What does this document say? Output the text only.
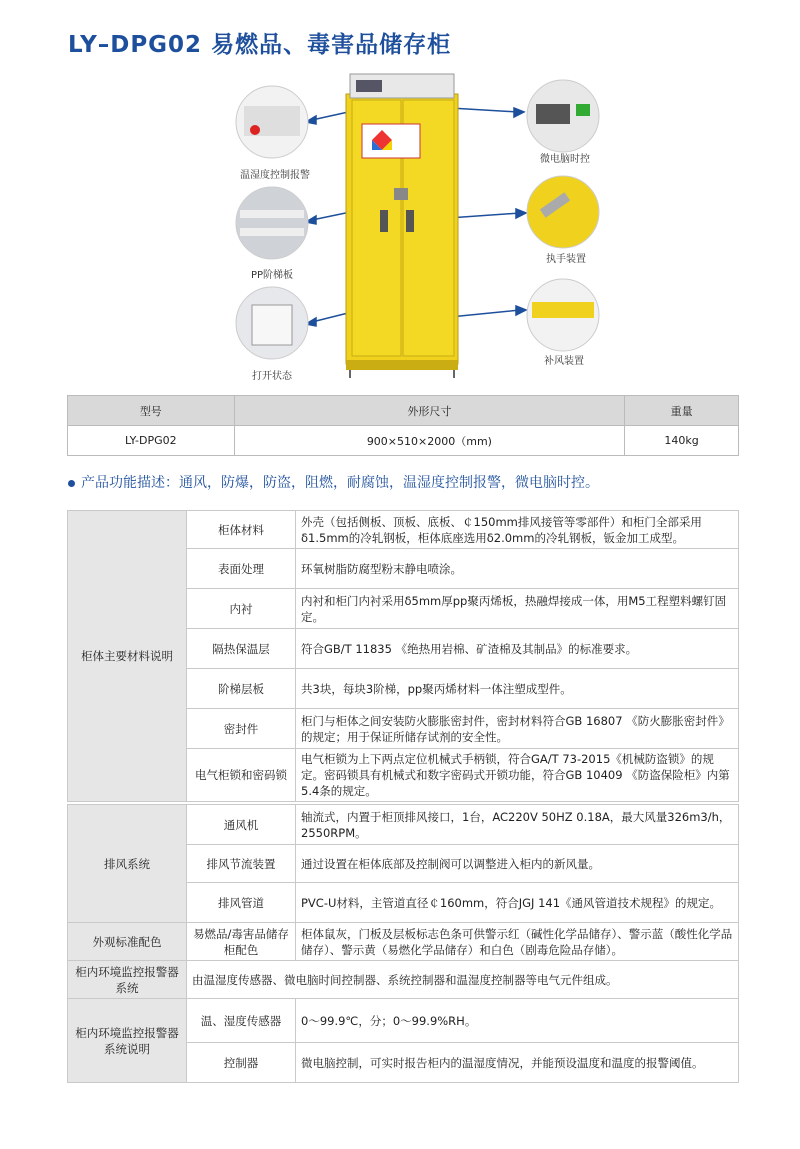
LY–DPG02 易燃品、毒害品储存柜
温湿度控制报警
微电脑时控
PP阶梯板
执手装置
打开状态
补风装置
型号	外形尺寸	重量
LY-DPG02	900×510×2000（mm)	140kg
产品功能描述：通风，防爆，防盗，阻燃，耐腐蚀，温湿度控制报警，微电脑时控。
柜体主要材料说明	柜体材料	外壳（包括侧板、顶板、底板、￠150mm排风接管等零部件）和柜门全部采用δ1.5mm的冷轧钢板，柜体底座选用δ2.0mm的冷轧钢板，钣金加工成型。
	表面处理	环氧树脂防腐型粉末静电喷涂。
	内衬	内衬和柜门内衬采用δ5mm厚pp聚丙烯板，热融焊接成一体，用M5工程塑料螺钉固定。
	隔热保温层	符合GB/T 11835 《绝热用岩棉、矿渣棉及其制品》的标准要求。
	阶梯层板	共3块，每块3阶梯，pp聚丙烯材料一体注塑成型件。
	密封件	柜门与柜体之间安装防火膨胀密封件，密封材料符合GB 16807 《防火膨胀密封件》的规定；用于保证所储存试剂的安全性。
	电气柜锁和密码锁	电气柜锁为上下两点定位机械式手柄锁，符合GA/T 73-2015《机械防盗锁》的规定。密码锁具有机械式和数字密码式开锁功能，符合GB 10409 《防盗保险柜》内第5.4条的规定。
排风系统	通风机	轴流式，内置于柜顶排风接口，1台，AC220V 50HZ 0.18A，最大风量326m3/h，2550RPM。
	排风节流装置	通过设置在柜体底部及控制阀可以调整进入柜内的新风量。
	排风管道	PVC-U材料，主管道直径￠160mm，符合JGJ 141《通风管道技术规程》的规定。
外观标准配色	易燃品/毒害品储存柜配色	柜体鼠灰，门板及层板标志色条可供警示红（碱性化学品储存）、警示蓝（酸性化学品储存）、警示黄（易燃化学品储存）和白色（剧毒危险品存储）。
柜内环境监控报警器系统	由温湿度传感器、微电脑时间控制器、系统控制器和温湿度控制器等电气元件组成。	
柜内环境监控报警器系统说明	温、湿度传感器	0～99.9℃，分；0～99.9%RH。
	控制器	微电脑控制，可实时报告柜内的温湿度情况，并能预设温度和温度的报警阈值。
